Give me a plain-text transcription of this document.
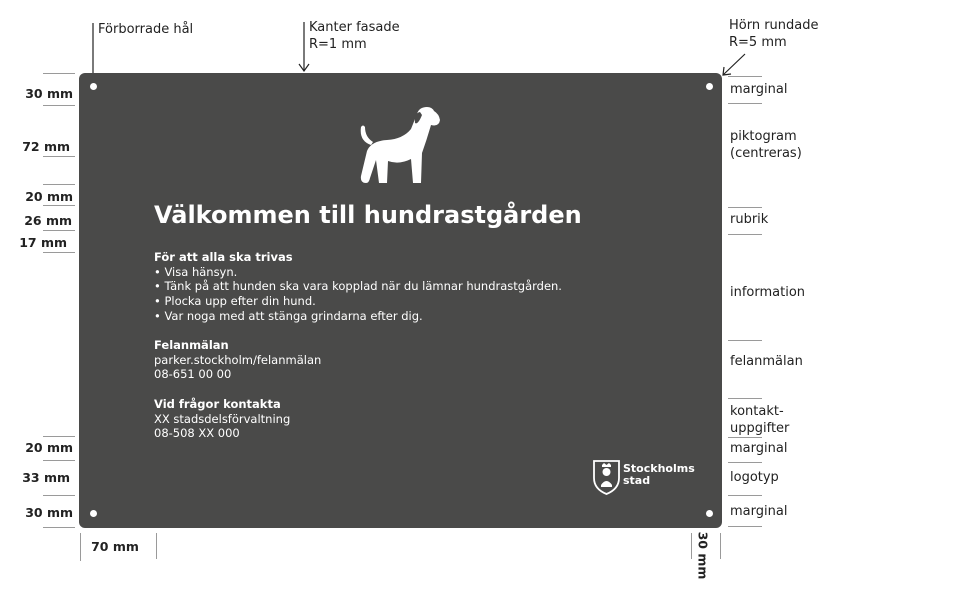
Förborrade hål	Kanter fasade
R=1 mm
Hörn rundade
R=5 mm
30 mm
72 mm
20 mm
26 mm
17 mm
20 mm
33 mm
30 mm
70 mm	30 mm
marginal
piktogram
(centreras)
rubrik
information
felanmälan
kontakt-
uppgifter
marginal
logotyp
marginal
Välkommen till hundrastgården
För att alla ska trivas
• Visa hänsyn.
• Tänk på att hunden ska vara kopplad när du lämnar hundrastgården.
• Plocka upp efter din hund.
• Var noga med att stänga grindarna efter dig.
Felanmälan
parker.stockholm/felanmälan
08-651 00 00
Vid frågor kontakta
XX stadsdelsförvaltning
08-508 XX 000
Stockholms
stad
